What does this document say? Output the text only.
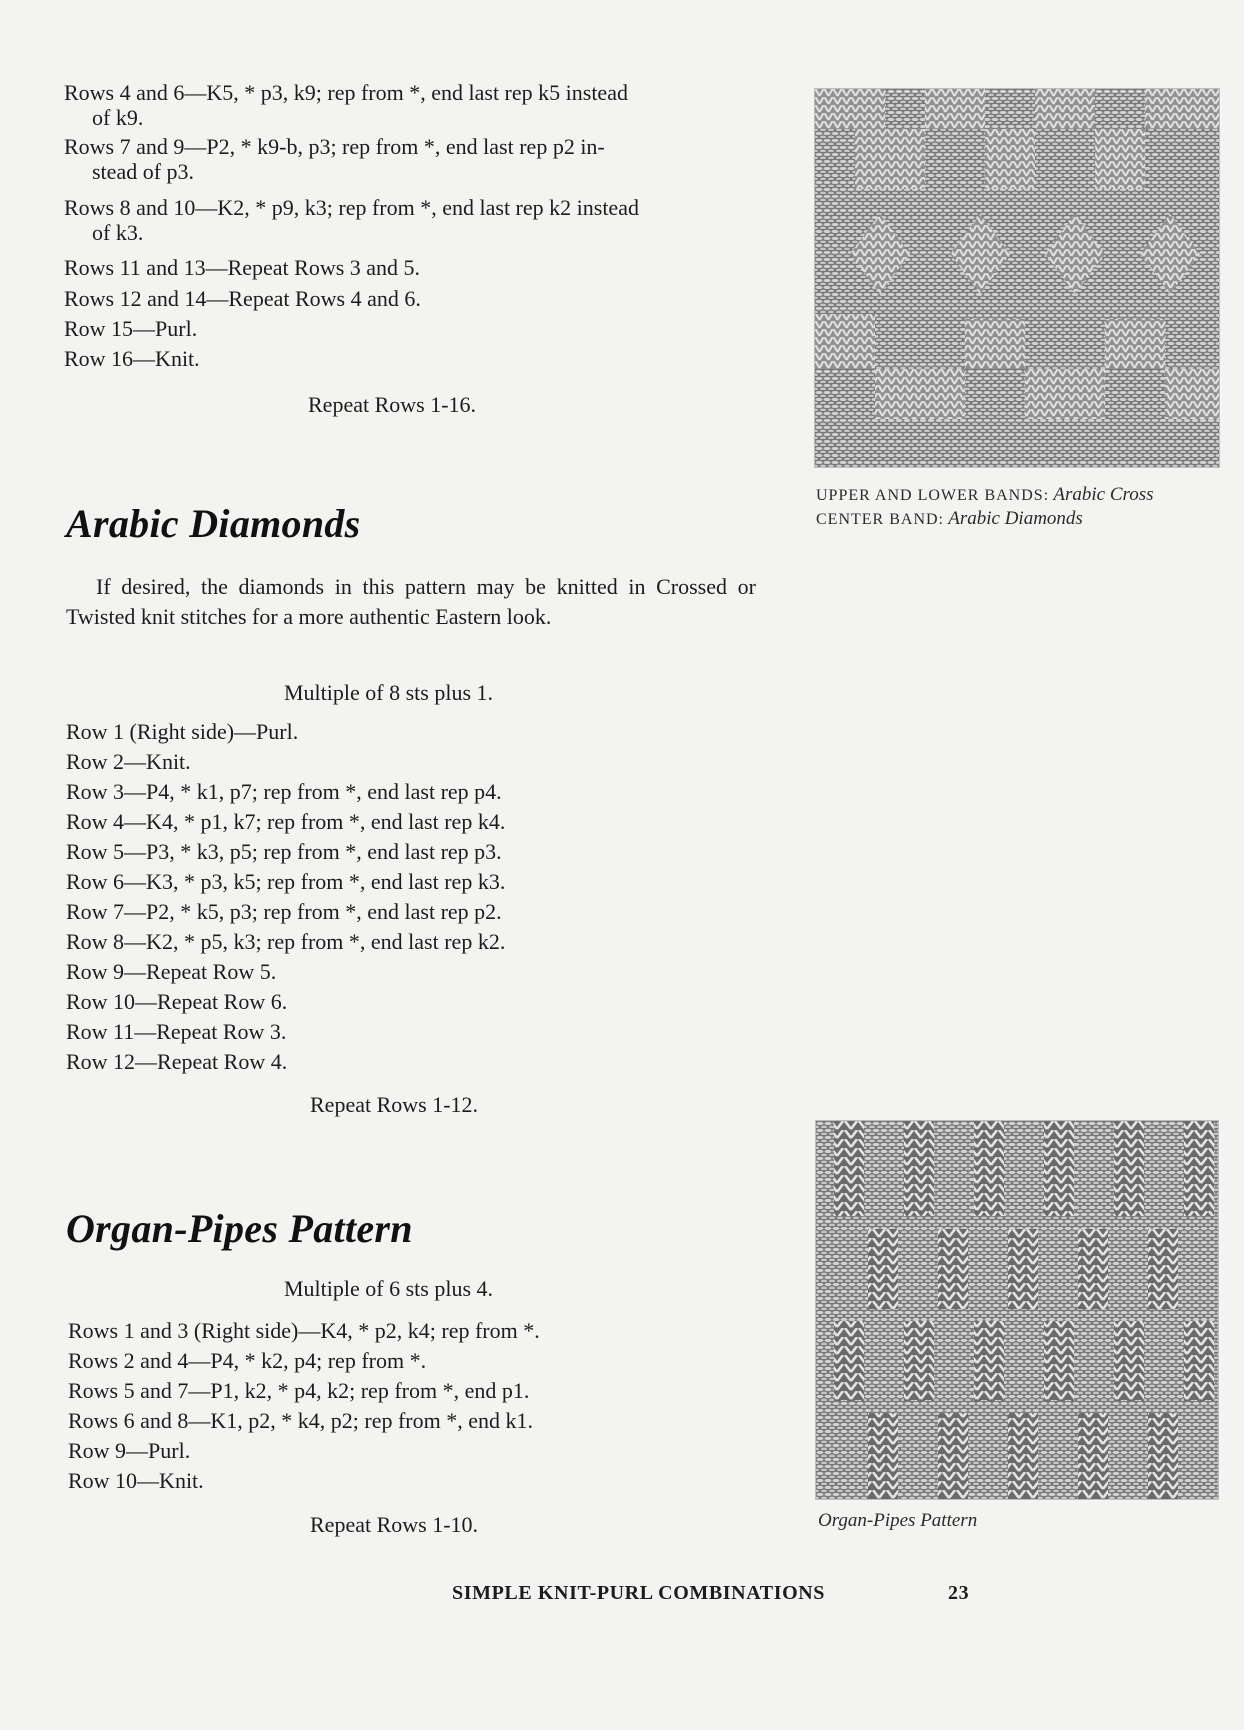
Rows 4 and 6—K5, * p3, k9; rep from *, end last rep k5 instead
of k9.
Rows 7 and 9—P2, * k9-b, p3; rep from *, end last rep p2 in-
stead of p3.
Rows 8 and 10—K2, * p9, k3; rep from *, end last rep k2 instead
of k3.
Rows 11 and 13—Repeat Rows 3 and 5.
Rows 12 and 14—Repeat Rows 4 and 6.
Row 15—Purl.
Row 16—Knit.
Repeat Rows 1-16.
UPPER AND LOWER BANDS: Arabic Cross
CENTER BAND: Arabic Diamonds
Arabic Diamonds
If desired, the diamonds in this pattern may be knitted in Crossed or Twisted knit stitches for a more authentic Eastern look.
Multiple of 8 sts plus 1.
Row 1 (Right side)—Purl.
Row 2—Knit.
Row 3—P4, * k1, p7; rep from *, end last rep p4.
Row 4—K4, * p1, k7; rep from *, end last rep k4.
Row 5—P3, * k3, p5; rep from *, end last rep p3.
Row 6—K3, * p3, k5; rep from *, end last rep k3.
Row 7—P2, * k5, p3; rep from *, end last rep p2.
Row 8—K2, * p5, k3; rep from *, end last rep k2.
Row 9—Repeat Row 5.
Row 10—Repeat Row 6.
Row 11—Repeat Row 3.
Row 12—Repeat Row 4.
Repeat Rows 1-12.
Organ-Pipes Pattern
Multiple of 6 sts plus 4.
Rows 1 and 3 (Right side)—K4, * p2, k4; rep from *.
Rows 2 and 4—P4, * k2, p4; rep from *.
Rows 5 and 7—P1, k2, * p4, k2; rep from *, end p1.
Rows 6 and 8—K1, p2, * k4, p2; rep from *, end k1.
Row 9—Purl.
Row 10—Knit.
Repeat Rows 1-10.	Organ-Pipes Pattern
SIMPLE KNIT-PURL COMBINATIONS	23
